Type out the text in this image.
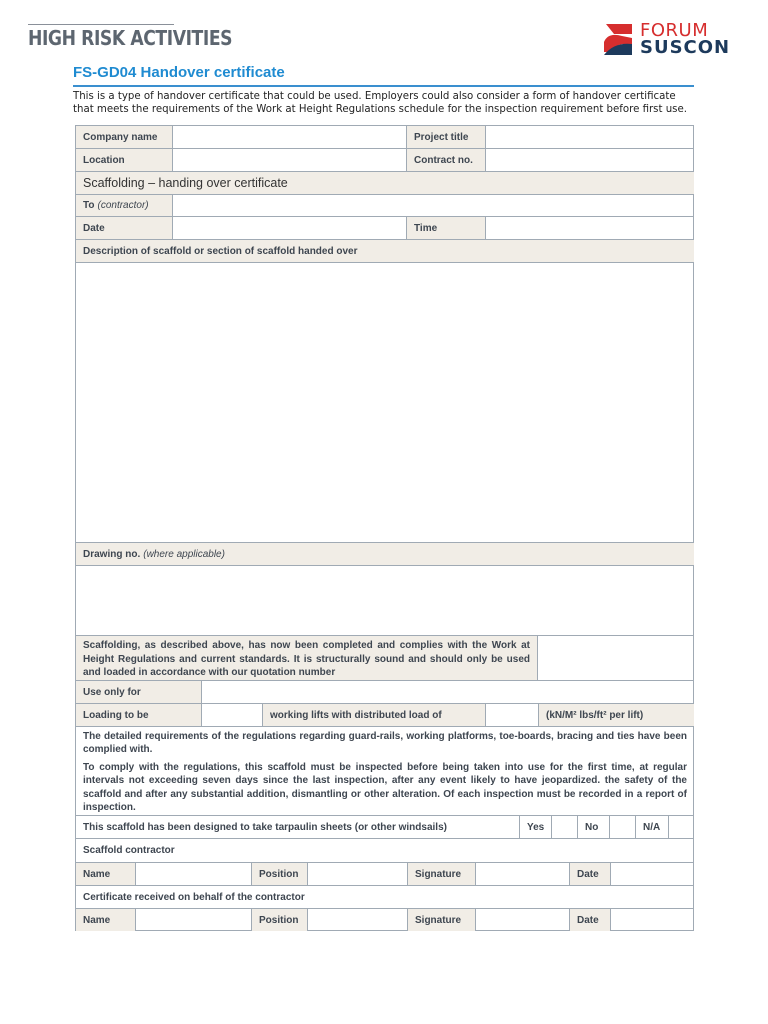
HIGH RISK ACTIVITIES	FORUM
SUSCON
FS-GD04 Handover certificate
This is a type of handover certificate that could be used. Employers could also consider a form of handover certificate that meets the requirements of the Work at Height Regulations schedule for the inspection requirement before first use.
Company name	Project title
Location	Contract no.
Scaffolding – handing over certificate
To (contractor)
Date	Time
Description of scaffold or section of scaffold handed over
Drawing no. (where applicable)
Scaffolding, as described above, has now been completed and complies with the Work at Height Regulations and current standards. It is structurally sound and should only be used and loaded in accordance with our quotation number
Use only for
Loading to be	working lifts with distributed load of	(kN/M² lbs/ft² per lift)

The detailed requirements of the regulations regarding guard-rails, working platforms, toe-boards, bracing and ties have been complied with.

To comply with the regulations, this scaffold must be inspected before being taken into use for the first time, at regular intervals not exceeding seven days since the last inspection, after any event likely to have jeopardized. the safety of the scaffold and after any substantial addition, dismantling or other alteration. Of each inspection must be recorded in a report of inspection.

This scaffold has been designed to take tarpaulin sheets (or other windsails)	Yes	No	N/A
Scaffold contractor
Name	Position	Signature	Date
Certificate received on behalf of the contractor
Name	Position	Signature	Date
